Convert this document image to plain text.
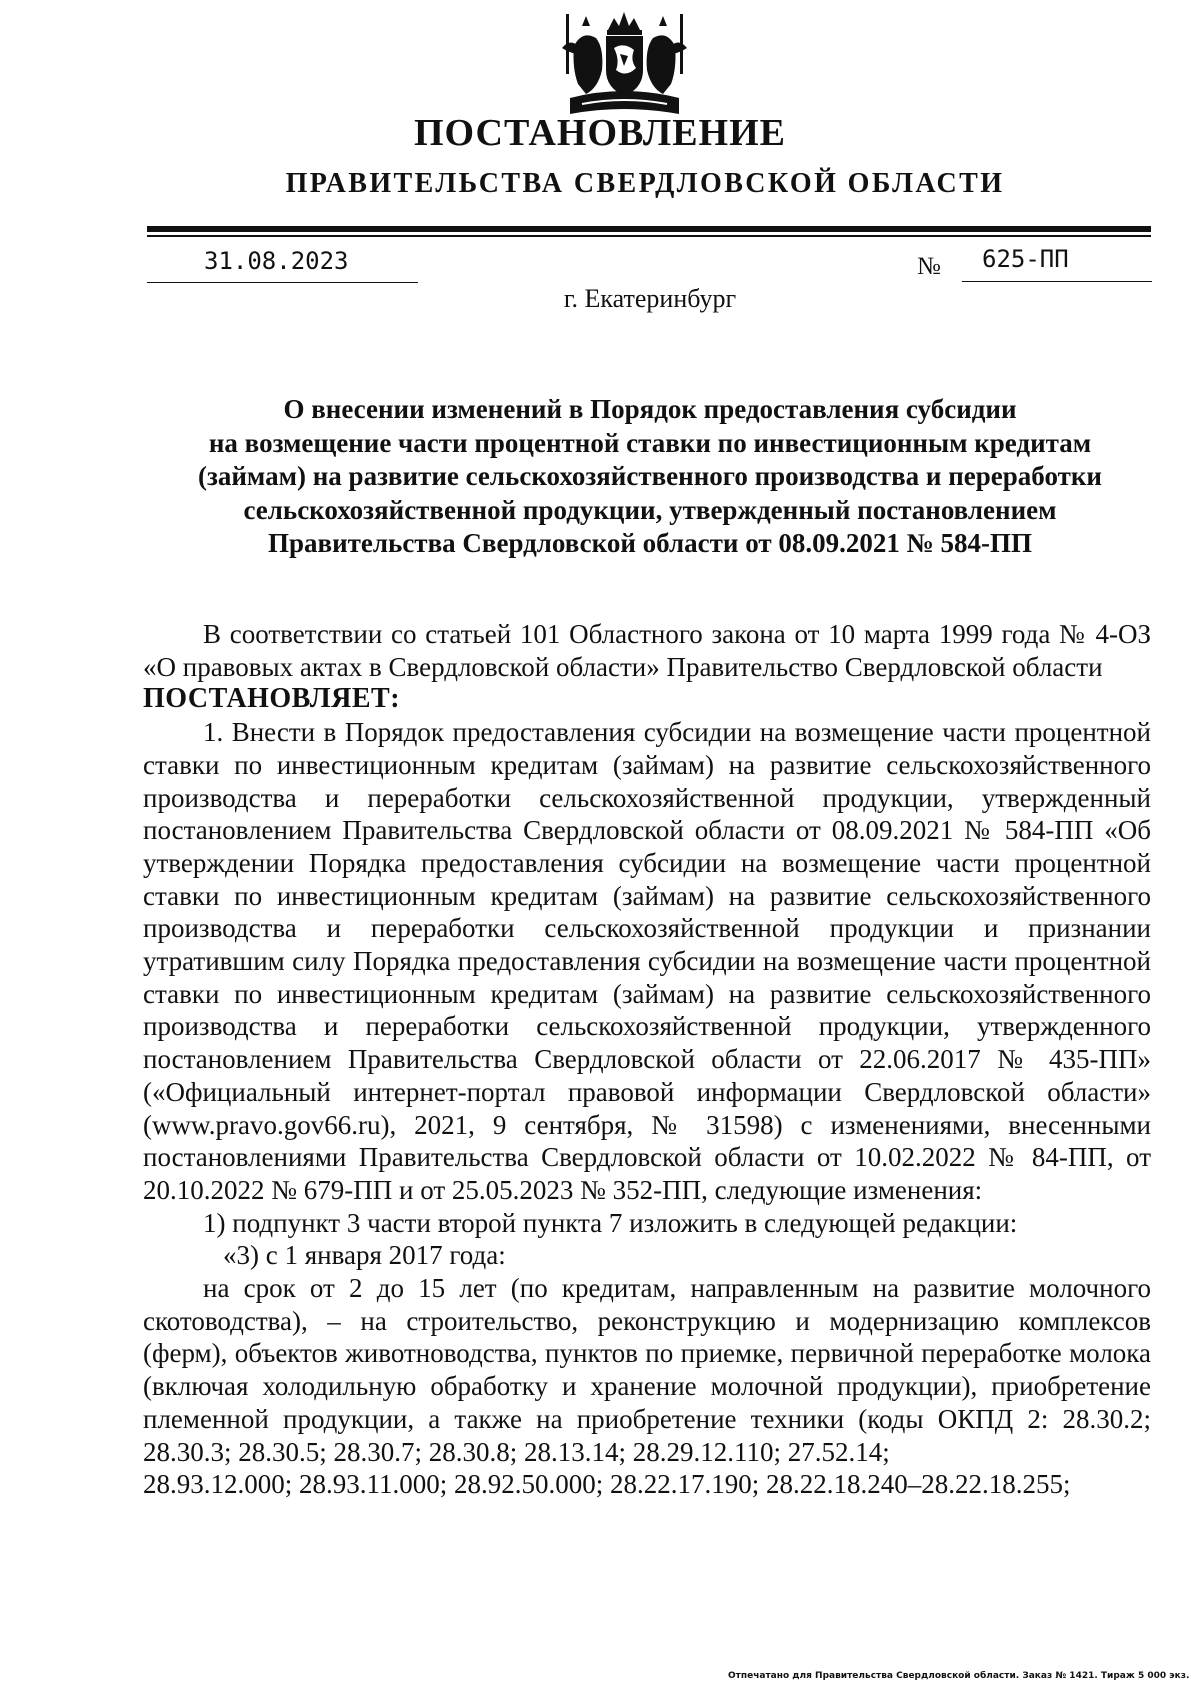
ПОСТАНОВЛЕНИЕ
ПРАВИТЕЛЬСТВА СВЕРДЛОВСКОЙ ОБЛАСТИ
31.08.2023	№ 625-ПП
г. Екатеринбург
О внесении изменений в Порядок предоставления субсидии
на возмещение части процентной ставки по инвестиционным кредитам
(займам) на развитие сельскохозяйственного производства и переработки
сельскохозяйственной продукции, утвержденный постановлением
Правительства Свердловской области от 08.09.2021 № 584-ПП

В соответствии со статьей 101 Областного закона от 10 марта 1999 года № 4-ОЗ «О правовых актах в Свердловской области» Правительство Свердловской области

ПОСТАНОВЛЯЕТ:

1. Внести в Порядок предоставления субсидии на возмещение части процентной ставки по инвестиционным кредитам (займам) на развитие сельскохозяйственного производства и переработки сельскохозяйственной продукции, утвержденный постановлением Правительства Свердловской области от 08.09.2021 № 584-ПП «Об утверждении Порядка предоставления субсидии на возмещение части процентной ставки по инвестиционным кредитам (займам) на развитие сельскохозяйственного производства и переработки сельскохозяйственной продукции и признании утратившим силу Порядка предоставления субсидии на возмещение части процентной ставки по инвестиционным кредитам (займам) на развитие сельскохозяйственного производства и переработки сельскохозяйственной продукции, утвержденного постановлением Правительства Свердловской области от 22.06.2017 № 435-ПП» («Официальный интернет-портал правовой информации Свердловской области» (www.pravo.gov66.ru), 2021, 9 сентября, № 31598) с изменениями, внесенными постановлениями Правительства Свердловской области от 10.02.2022 № 84-ПП, от 20.10.2022 № 679-ПП и от 25.05.2023 № 352-ПП, следующие изменения:

1) подпункт 3 части второй пункта 7 изложить в следующей редакции:

«3) с 1 января 2017 года:

на срок от 2 до 15 лет (по кредитам, направленным на развитие молочного скотоводства), – на строительство, реконструкцию и модернизацию комплексов (ферм), объектов животноводства, пунктов по приемке, первичной переработке молока (включая холодильную обработку и хранение молочной продукции), приобретение племенной продукции, а также на приобретение техники (коды ОКПД 2: 28.30.2; 28.30.3; 28.30.5; 28.30.7; 28.30.8; 28.13.14; 28.29.12.110; 27.52.14;

28.93.12.000; 28.93.11.000; 28.92.50.000; 28.22.17.190; 28.22.18.240–28.22.18.255;

Отпечатано для Правительства Свердловской области. Заказ № 1421. Тираж 5 000 экз.
